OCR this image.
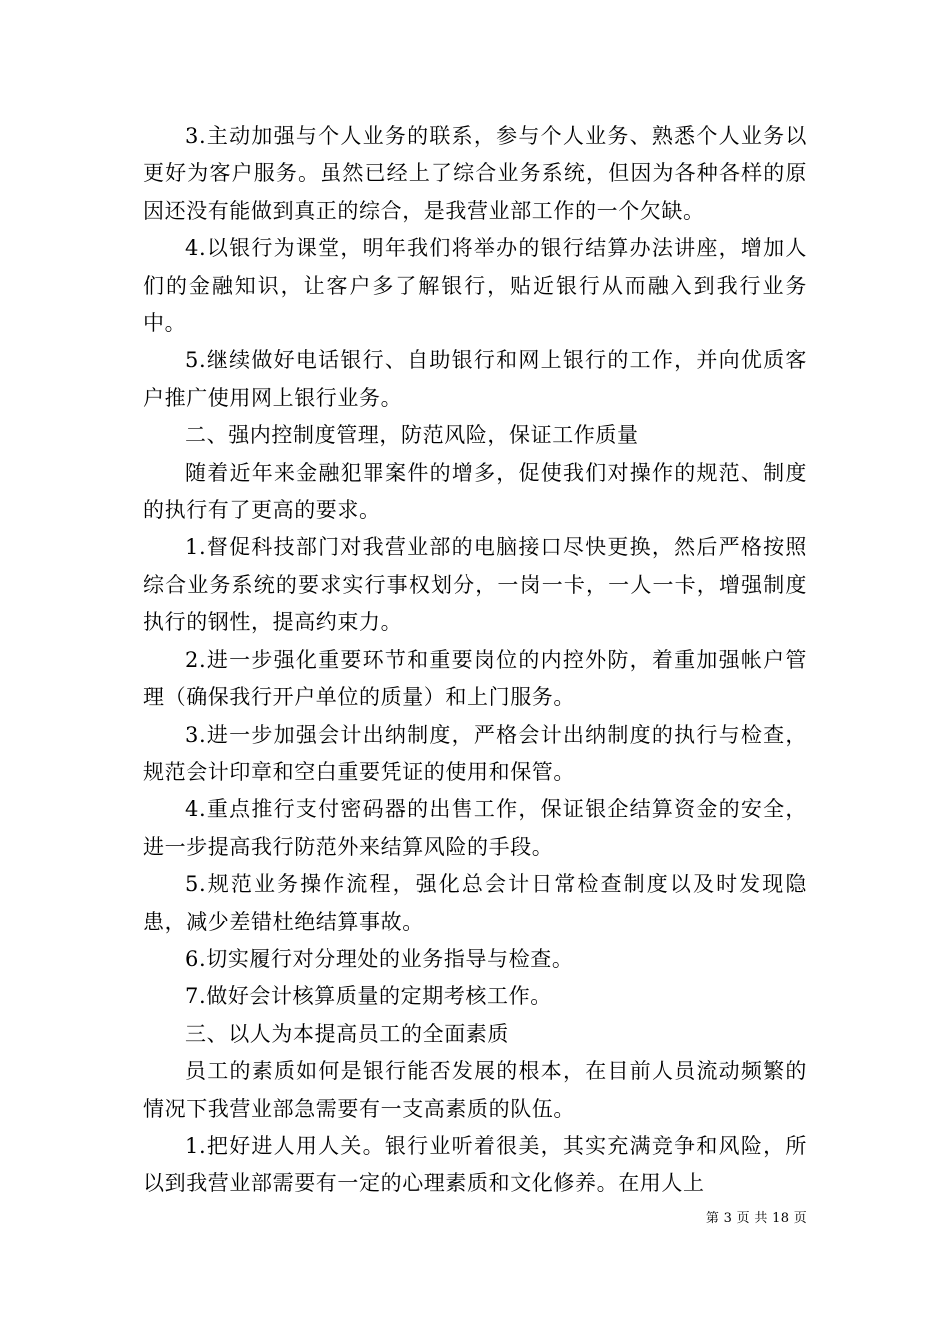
3.主动加强与个人业务的联系，参与个人业务、熟悉个人业务以更好为客户服务。虽然已经上了综合业务系统，但因为各种各样的原因还没有能做到真正的综合，是我营业部工作的一个欠缺。

4.以银行为课堂，明年我们将举办的银行结算办法讲座，增加人们的金融知识，让客户多了解银行，贴近银行从而融入到我行业务中。

5.继续做好电话银行、自助银行和网上银行的工作，并向优质客户推广使用网上银行业务。

二、强内控制度管理，防范风险，保证工作质量

随着近年来金融犯罪案件的增多，促使我们对操作的规范、制度的执行有了更高的要求。

1.督促科技部门对我营业部的电脑接口尽快更换，然后严格按照综合业务系统的要求实行事权划分，一岗一卡，一人一卡，增强制度执行的钢性，提高约束力。

2.进一步强化重要环节和重要岗位的内控外防，着重加强帐户管理（确保我行开户单位的质量）和上门服务。

3.进一步加强会计出纳制度，严格会计出纳制度的执行与检查，规范会计印章和空白重要凭证的使用和保管。

4.重点推行支付密码器的出售工作，保证银企结算资金的安全，进一步提高我行防范外来结算风险的手段。

5.规范业务操作流程，强化总会计日常检查制度以及时发现隐患，减少差错杜绝结算事故。

6.切实履行对分理处的业务指导与检查。

7.做好会计核算质量的定期考核工作。

三、以人为本提高员工的全面素质

员工的素质如何是银行能否发展的根本，在目前人员流动频繁的情况下我营业部急需要有一支高素质的队伍。

1.把好进人用人关。银行业听着很美，其实充满竞争和风险，所以到我营业部需要有一定的心理素质和文化修养。在用人上

第 3 页 共 18 页
